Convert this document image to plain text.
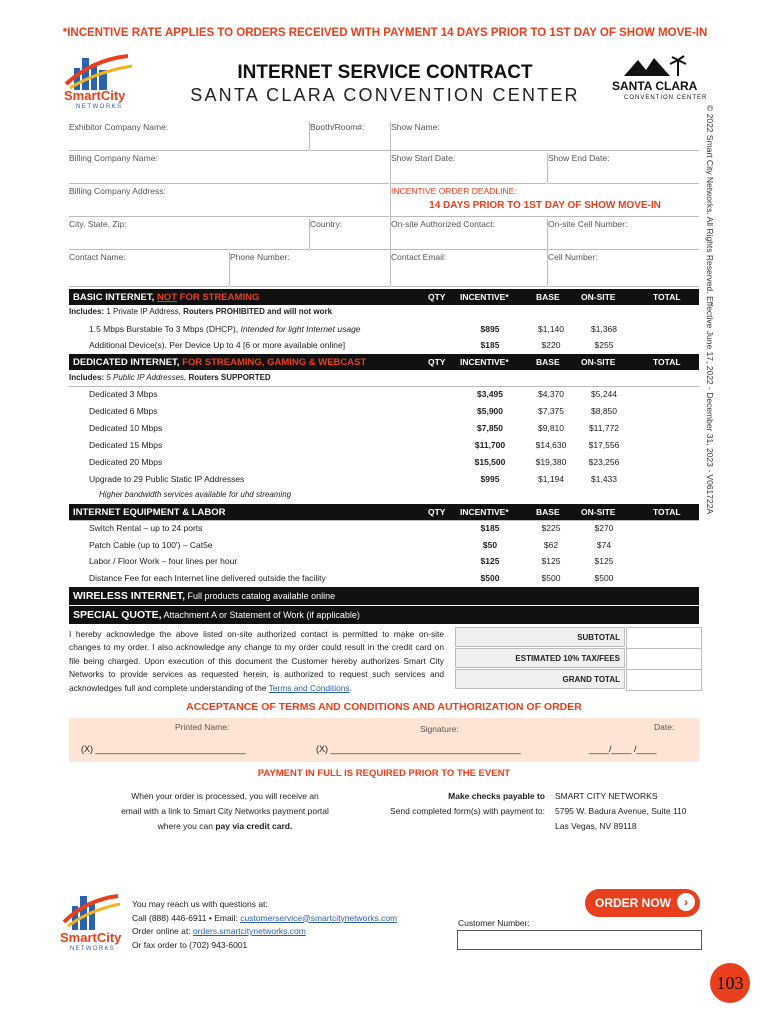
*INCENTIVE RATE APPLIES TO ORDERS RECEIVED WITH PAYMENT 14 DAYS PRIOR TO 1ST DAY OF SHOW MOVE-IN
SmartCity
NETWORKS
INTERNET SERVICE CONTRACT
SANTA CLARA CONVENTION CENTER	SANTA CLARA
CONVENTION CENTER
© 2022 Smart City Networks. All Rights Reserved. Effective June 17, 2022 - December 31, 2023 - V061722A
Exhibitor Company Name:	Booth/Room#:	Show Name:
Billing Company Name:	Show Start Date:	Show End Date:
Billing Company Address:	INCENTIVE ORDER DEADLINE:
14 DAYS PRIOR TO 1ST DAY OF SHOW MOVE-IN
City, State, Zip:	Country:	On-site Authorized Contact:	On-site Cell Number:
Contact Name:	Phone Number:	Contact Email:	Cell Number:
BASIC INTERNET, NOT FOR STREAMING	QTY INCENTIVE*	BASE	ON-SITE	TOTAL
Includes: 1 Private IP Address, Routers PROHIBITED and will not work
1.5 Mbps Burstable To 3 Mbps (DHCP), Intended for light Internet usage	$895	$1,140	$1,368
Additional Device(s), Per Device Up to 4 [6 or more available online]	$185	$220	$255
DEDICATED INTERNET, FOR STREAMING, GAMING & WEBCAST	QTY INCENTIVE*	BASE	ON-SITE	TOTAL
Includes: 5 Public IP Addresses, Routers SUPPORTED
Dedicated 3 Mbps	$3,495	$4,370	$5,244
Dedicated 6 Mbps	$5,900	$7,375	$8,850
Dedicated 10 Mbps	$7,850	$9,810	$11,772
Dedicated 15 Mbps	$11,700	$14,630	$17,556
Dedicated 20 Mbps	$15,500	$19,380	$23,256
Upgrade to 29 Public Static IP Addresses	$995	$1,194	$1,433
Higher bandwidth services available for uhd streaming
INTERNET EQUIPMENT & LABOR	QTY INCENTIVE*	BASE	ON-SITE	TOTAL
Switch Rental – up to 24 ports	$185	$225	$270
Patch Cable (up to 100') – Cat5e	$50	$62	$74
Labor / Floor Work – four lines per hour	$125	$125	$125
Distance Fee for each Internet line delivered outside the facility	$500	$500	$500
WIRELESS INTERNET, Full products catalog available online
SPECIAL QUOTE, Attachment A or Statement of Work (if applicable)
I hereby acknowledge the above listed on-site authorized contact is permitted to make on-site changes to my order. I also acknowledge any change to my order could result in the credit card on file being charged. Upon execution of this document the Customer hereby authorizes Smart City Networks to provide services as requested herein, is authorized to request such services and acknowledges full and complete understanding of the Terms and Conditions.
SUBTOTAL
ESTIMATED 10% TAX/FEES
GRAND TOTAL
ACCEPTANCE OF TERMS AND CONDITIONS AND AUTHORIZATION OF ORDER
Printed Name:	Signature:	Date:
(X) ______________________________	(X) ______________________________________	____/____ /____
PAYMENT IN FULL IS REQUIRED PRIOR TO THE EVENT
When your order is processed, you will receive an
email with a link to Smart City Networks payment portal
where you can pay via credit card.
Make checks payable to
Send completed form(s) with payment to:
SMART CITY NETWORKS
5795 W. Badura Avenue, Suite 110
Las Vegas, NV 89118
SmartCity
NETWORKS
You may reach us with questions at:
Call (888) 446-6911 • Email: customerservice@smartcitynetworks.com
Order online at: orders.smartcitynetworks.com
Or fax order to (702) 943-6001
ORDER NOW	›
Customer Number:
103
